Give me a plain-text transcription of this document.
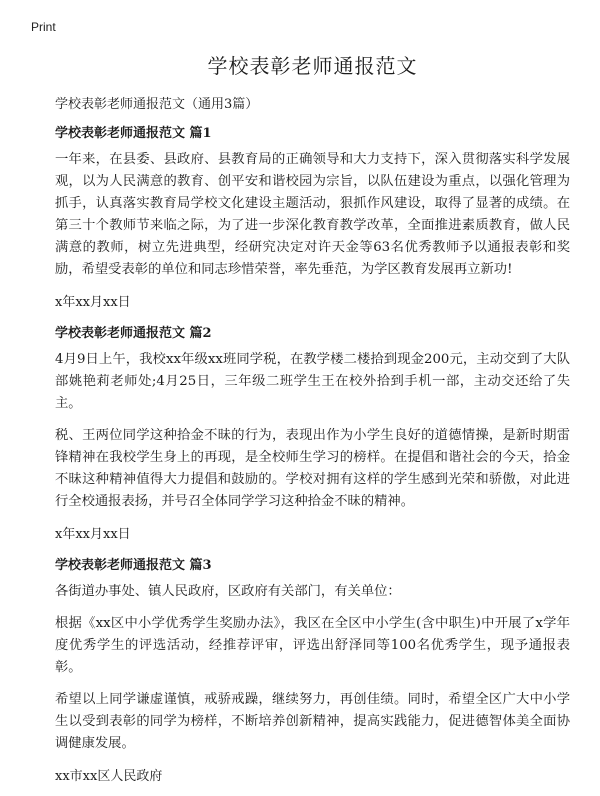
Print
学校表彰老师通报范文

学校表彰老师通报范文（通用3篇）

学校表彰老师通报范文 篇1

一年来，在县委、县政府、县教育局的正确领导和大力支持下，深入贯彻落实科学发展观，以为人民满意的教育、创平安和谐校园为宗旨，以队伍建设为重点，以强化管理为抓手，认真落实教育局学校文化建设主题活动，狠抓作风建设，取得了显著的成绩。在第三十个教师节来临之际，为了进一步深化教育教学改革，全面推进素质教育，做人民满意的教师，树立先进典型，经研究决定对许天金等63名优秀教师予以通报表彰和奖励，希望受表彰的单位和同志珍惜荣誉，率先垂范，为学区教育发展再立新功!

x年xx月xx日

学校表彰老师通报范文 篇2

4月9日上午，我校xx年级xx班同学税，在教学楼二楼拾到现金200元，主动交到了大队部姚艳莉老师处;4月25日，三年级二班学生王在校外拾到手机一部，主动交还给了失主。

税、王两位同学这种拾金不昧的行为，表现出作为小学生良好的道德情操，是新时期雷锋精神在我校学生身上的再现，是全校师生学习的榜样。在提倡和谐社会的今天，拾金不昧这种精神值得大力提倡和鼓励的。学校对拥有这样的学生感到光荣和骄傲，对此进行全校通报表扬，并号召全体同学学习这种拾金不昧的精神。

x年xx月xx日

学校表彰老师通报范文 篇3

各街道办事处、镇人民政府，区政府有关部门，有关单位：

根据《xx区中小学优秀学生奖励办法》，我区在全区中小学生(含中职生)中开展了x学年度优秀学生的评选活动，经推荐评审，评选出舒泽同等100名优秀学生，现予通报表彰。

希望以上同学谦虚谨慎，戒骄戒躁，继续努力，再创佳绩。同时，希望全区广大中小学生以受到表彰的同学为榜样，不断培养创新精神，提高实践能力，促进德智体美全面协调健康发展。

xx市xx区人民政府
